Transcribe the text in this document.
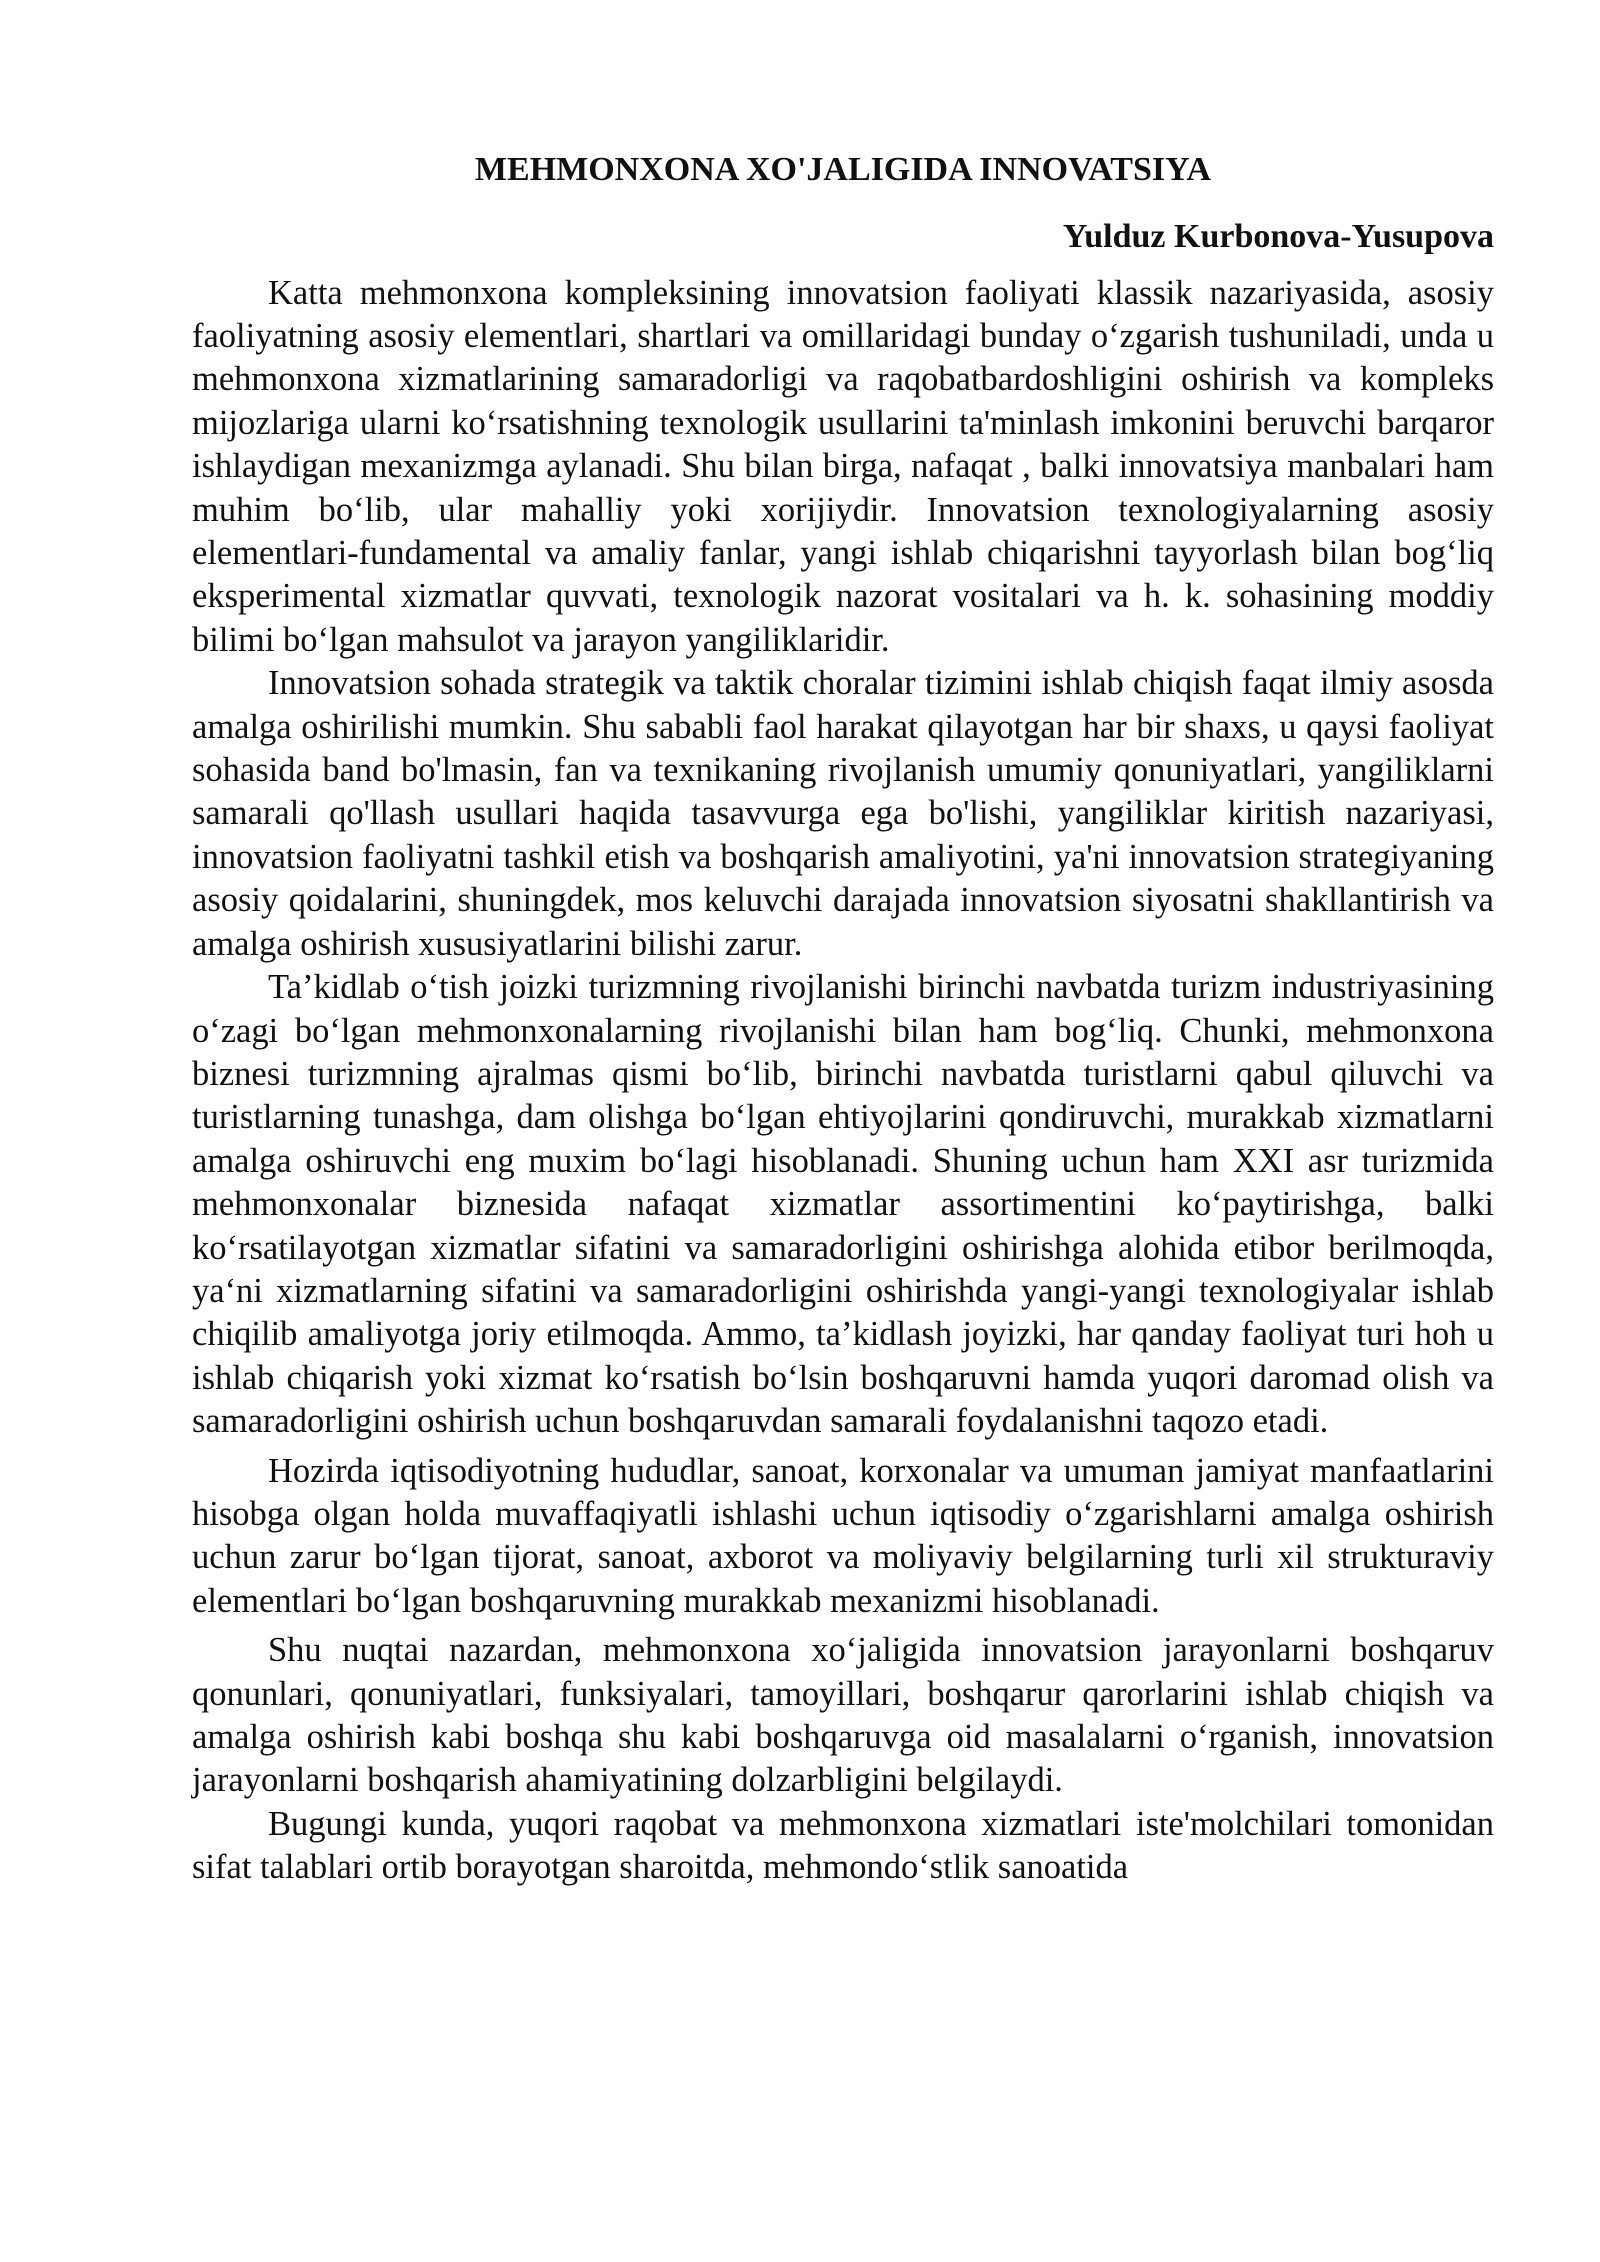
MEHMONXONA XO'JALIGIDA INNOVATSIYA
Yulduz Kurbonova-Yusupova

Katta mehmonxona kompleksining innovatsion faoliyati klassik nazariyasida, asosiy faoliyatning asosiy elementlari, shartlari va omillaridagi bunday o‘zgarish tushuniladi, unda u mehmonxona xizmatlarining samaradorligi va raqobatbardoshligini oshirish va kompleks mijozlariga ularni ko‘rsatishning texnologik usullarini ta'minlash imkonini beruvchi barqaror ishlaydigan mexanizmga aylanadi. Shu bilan birga, nafaqat , balki innovatsiya manbalari ham muhim bo‘lib, ular mahalliy yoki xorijiydir. Innovatsion texnologiyalarning asosiy elementlari-fundamental va amaliy fanlar, yangi ishlab chiqarishni tayyorlash bilan bog‘liq eksperimental xizmatlar quvvati, texnologik nazorat vositalari va h. k. sohasining moddiy bilimi bo‘lgan mahsulot va jarayon yangiliklaridir.

Innovatsion sohada strategik va taktik choralar tizimini ishlab chiqish faqat ilmiy asosda amalga oshirilishi mumkin. Shu sababli faol harakat qilayotgan har bir shaxs, u qaysi faoliyat sohasida band bo'lmasin, fan va texnikaning rivojlanish umumiy qonuniyatlari, yangiliklarni samarali qo'llash usullari haqida tasavvurga ega bo'lishi, yangiliklar kiritish nazariyasi, innovatsion faoliyatni tashkil etish va boshqarish amaliyotini, ya'ni innovatsion strategiyaning asosiy qoidalarini, shuningdek, mos keluvchi darajada innovatsion siyosatni shakllantirish va amalga oshirish xususiyatlarini bilishi zarur.

Ta’kidlab o‘tish joizki turizmning rivojlanishi birinchi navbatda turizm industriyasining o‘zagi bo‘lgan mehmonxonalarning rivojlanishi bilan ham bog‘liq. Chunki, mehmonxona biznesi turizmning ajralmas qismi bo‘lib, birinchi navbatda turistlarni qabul qiluvchi va turistlarning tunashga, dam olishga bo‘lgan ehtiyojlarini qondiruvchi, murakkab xizmatlarni amalga oshiruvchi eng muxim bo‘lagi hisoblanadi. Shuning uchun ham XXI asr turizmida mehmonxonalar biznesida nafaqat xizmatlar assortimentini ko‘paytirishga, balki ko‘rsatilayotgan xizmatlar sifatini va samaradorligini oshirishga alohida etibor berilmoqda, ya‘ni xizmatlarning sifatini va samaradorligini oshirishda yangi-yangi texnologiyalar ishlab chiqilib amaliyotga joriy etilmoqda. Ammo, ta’kidlash joyizki, har qanday faoliyat turi hoh u ishlab chiqarish yoki xizmat ko‘rsatish bo‘lsin boshqaruvni hamda yuqori daromad olish va samaradorligini oshirish uchun boshqaruvdan samarali foydalanishni taqozo etadi.

Hozirda iqtisodiyotning hududlar, sanoat, korxonalar va umuman jamiyat manfaatlarini hisobga olgan holda muvaffaqiyatli ishlashi uchun iqtisodiy o‘zgarishlarni amalga oshirish uchun zarur bo‘lgan tijorat, sanoat, axborot va moliyaviy belgilarning turli xil strukturaviy elementlari bo‘lgan boshqaruvning murakkab mexanizmi hisoblanadi.

Shu nuqtai nazardan, mehmonxona xo‘jaligida innovatsion jarayonlarni boshqaruv qonunlari, qonuniyatlari, funksiyalari, tamoyillari, boshqarur qarorlarini ishlab chiqish va amalga oshirish kabi boshqa shu kabi boshqaruvga oid masalalarni o‘rganish, innovatsion jarayonlarni boshqarish ahamiyatining dolzarbligini belgilaydi.

Bugungi kunda, yuqori raqobat va mehmonxona xizmatlari iste'molchilari tomonidan sifat talablari ortib borayotgan sharoitda, mehmondo‘stlik sanoatida
